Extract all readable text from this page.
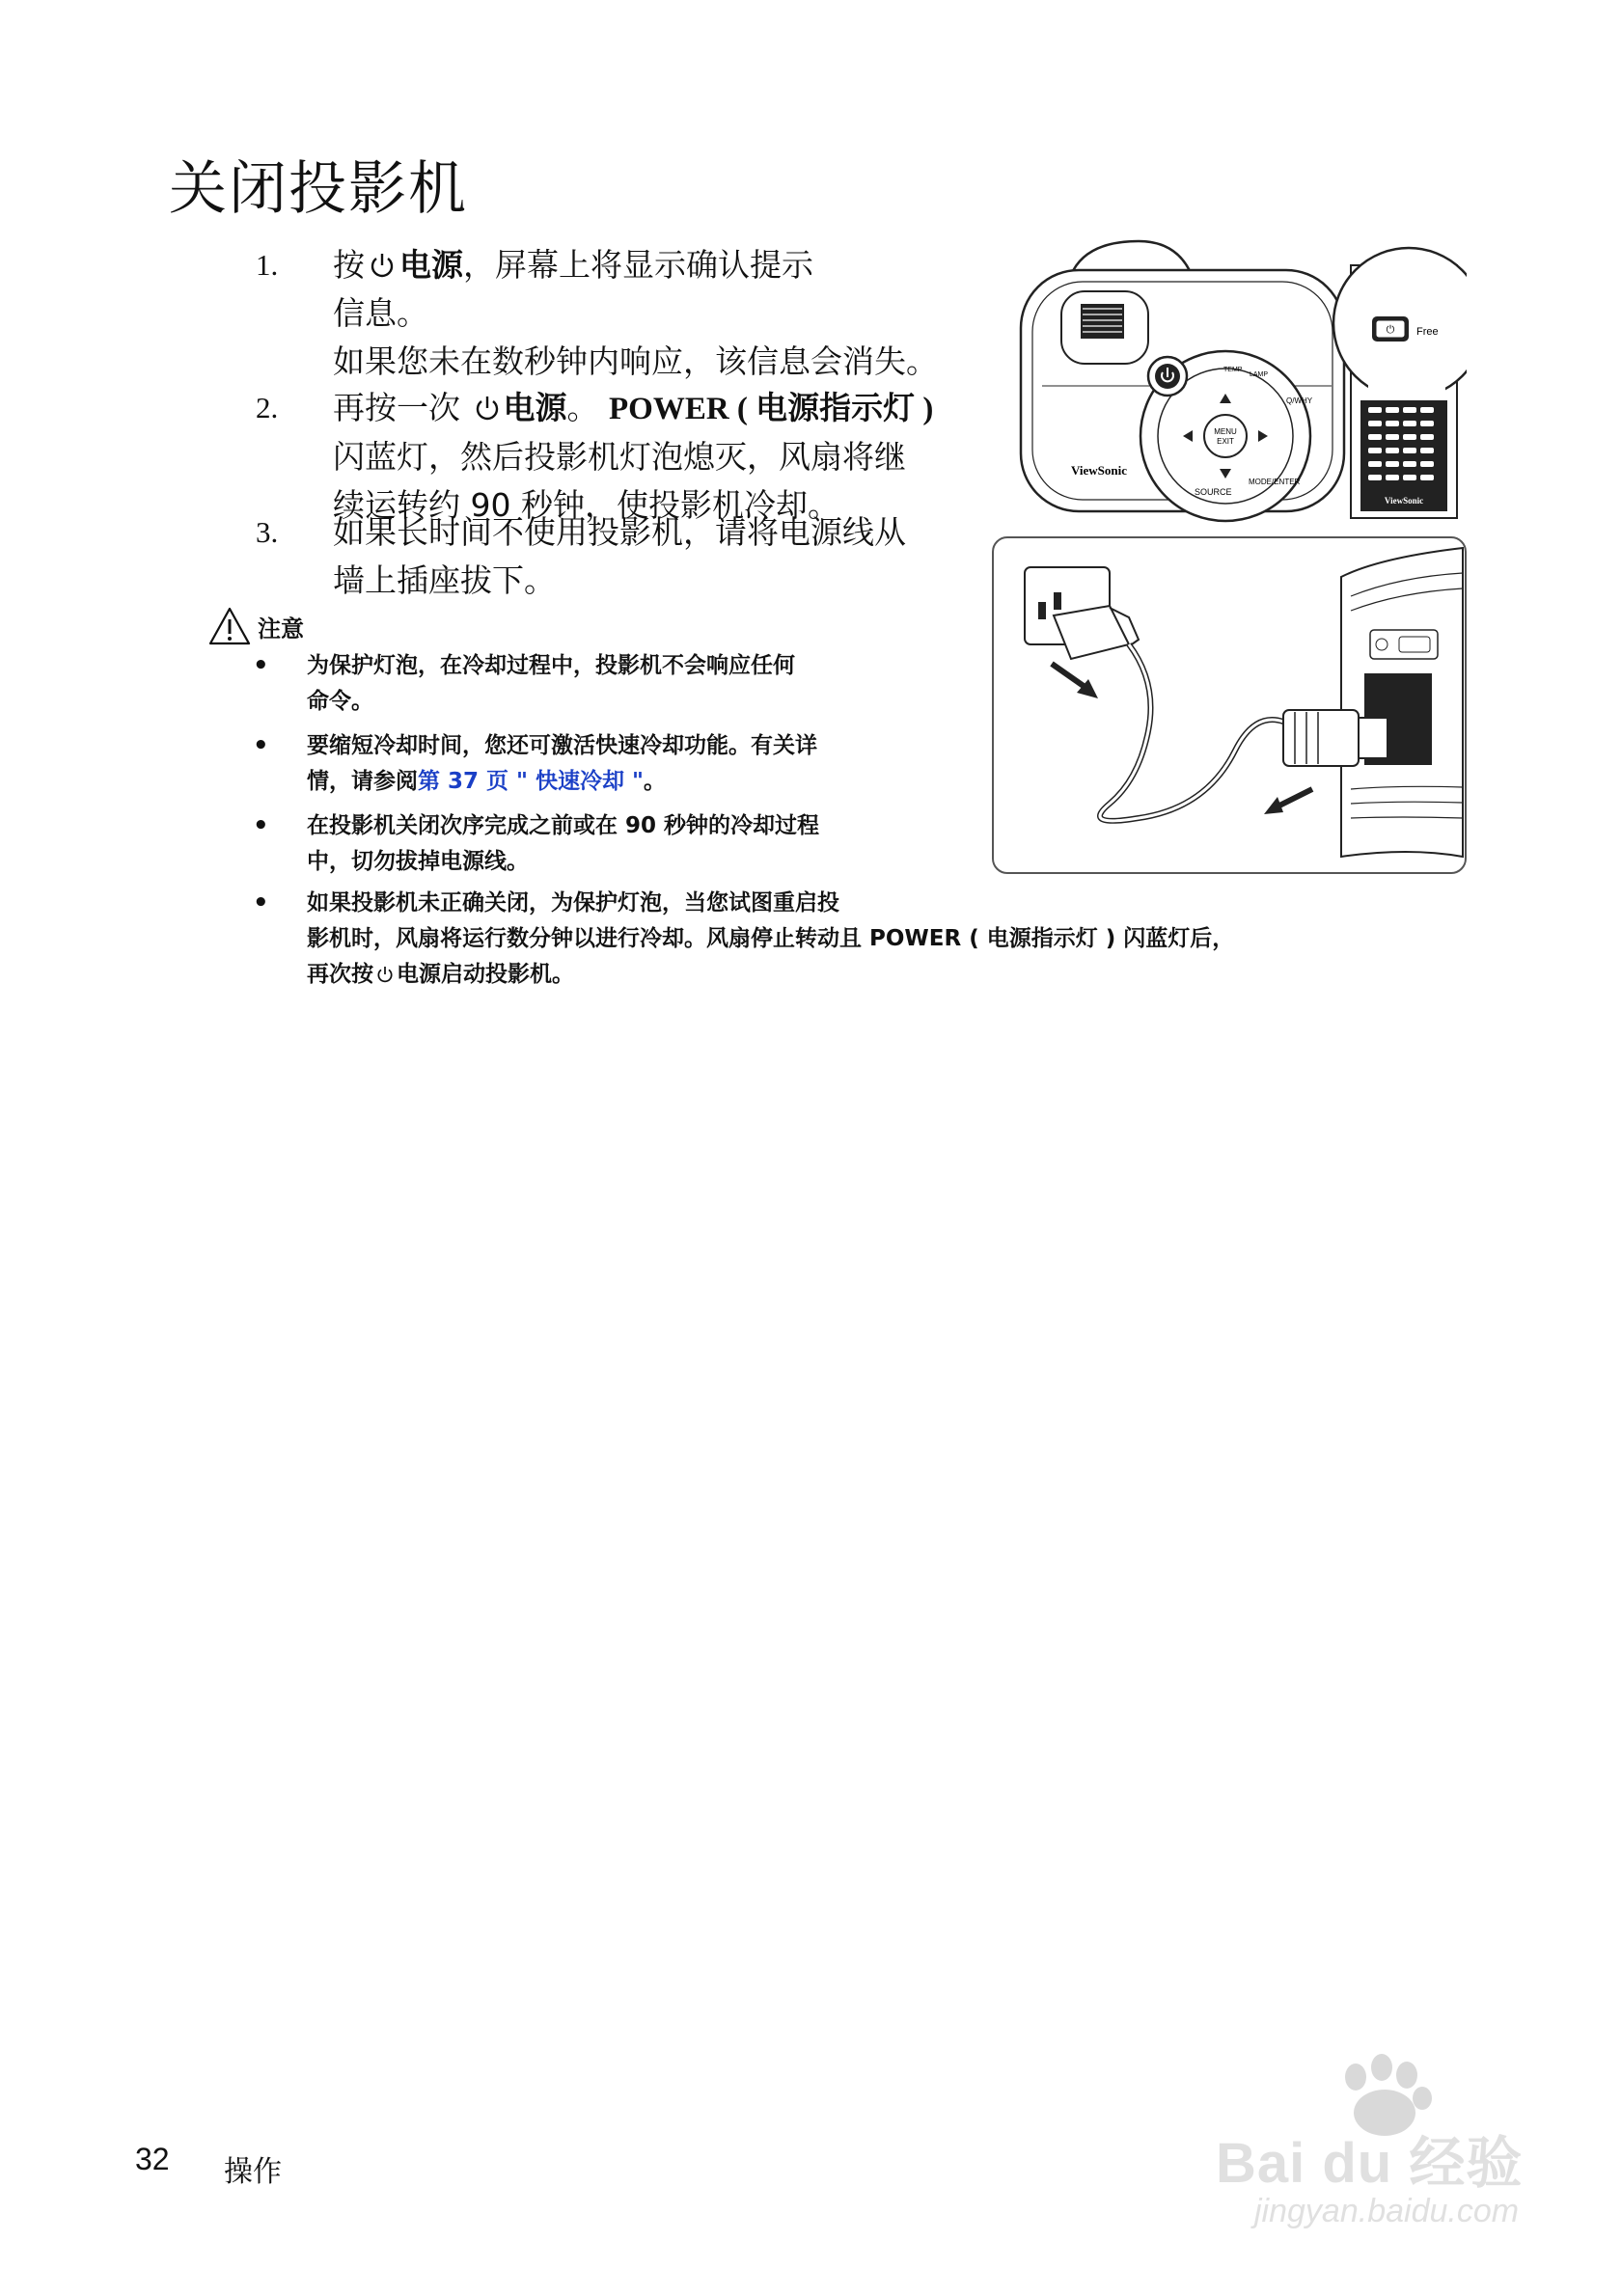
关闭投影机
1. 按 电源，屏幕上将显示确认提示
信息。
如果您未在数秒钟内响应，该信息会消失。
2. 再按一次 电源。 POWER ( 电源指示灯 )
闪蓝灯，然后投影机灯泡熄灭，风扇将继
续运转约 90 秒钟，使投影机冷却。
3. 如果长时间不使用投影机，请将电源线从
墙上插座拔下。
注意
• 为保护灯泡，在冷却过程中，投影机不会响应任何
命令。
• 要缩短冷却时间，您还可激活快速冷却功能。有关详
情，请参阅第 37 页 " 快速冷却 "。
• 在投影机关闭次序完成之前或在 90 秒钟的冷却过程
中，切勿拔掉电源线。
• 如果投影机未正确关闭，为保护灯泡，当您试图重启投
影机时，风扇将运行数分钟以进行冷却。风扇停止转动且 POWER ( 电源指示灯 ) 闪蓝灯后，
再次按 电源启动投影机。
MENU
EXIT
TEMP
LAMP
Q/WHY
SOURCE
MODE/ENTER
ViewSonic
⏻ Free
ViewSonic
32 操作	Bai du 经验
jingyan.baidu.com
